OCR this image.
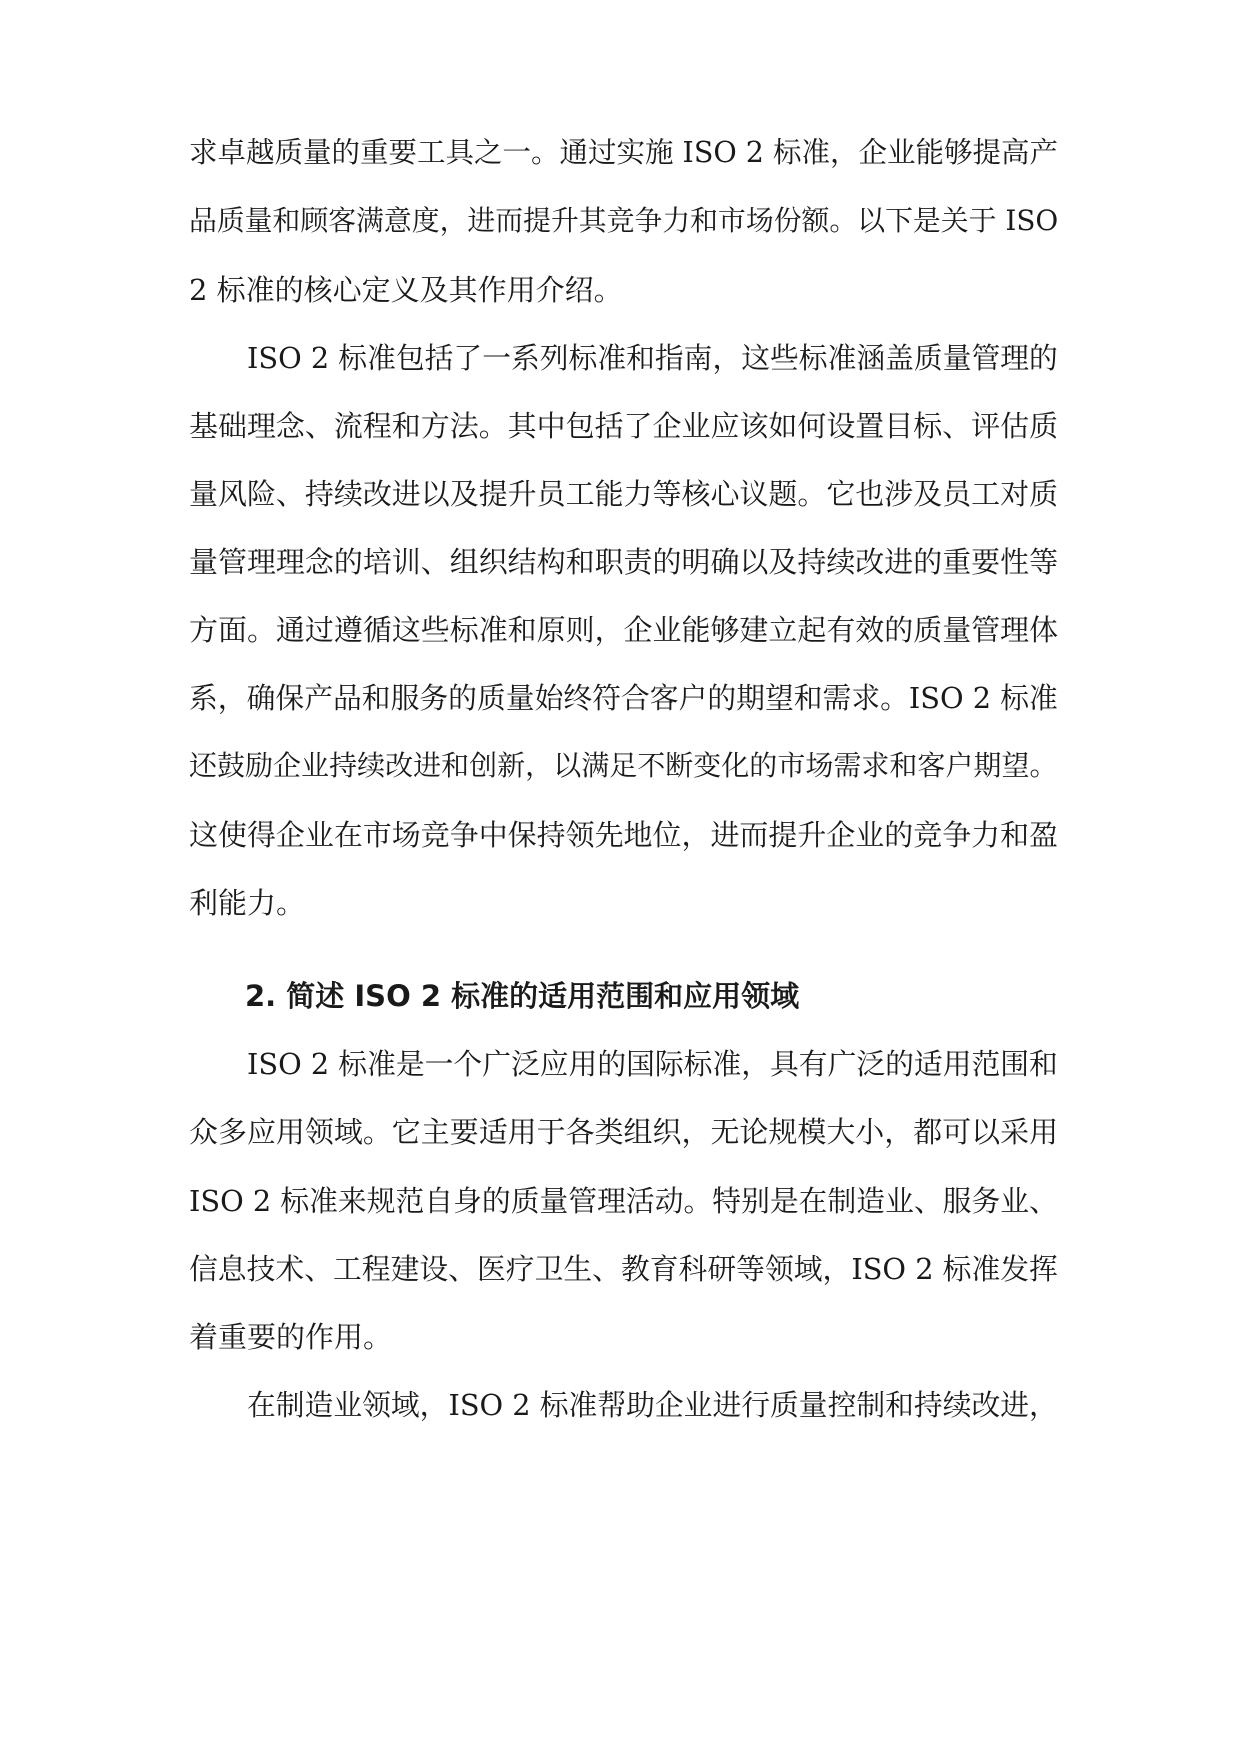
求卓越质量的重要工具之一。通过实施 ISO 2 标准，企业能够提高产
品质量和顾客满意度，进而提升其竞争力和市场份额。以下是关于 ISO
2 标准的核心定义及其作用介绍。
ISO 2 标准包括了一系列标准和指南，这些标准涵盖质量管理的
基础理念、流程和方法。其中包括了企业应该如何设置目标、评估质
量风险、持续改进以及提升员工能力等核心议题。它也涉及员工对质
量管理理念的培训、组织结构和职责的明确以及持续改进的重要性等
方面。通过遵循这些标准和原则，企业能够建立起有效的质量管理体
系，确保产品和服务的质量始终符合客户的期望和需求。ISO 2 标准
还鼓励企业持续改进和创新，以满足不断变化的市场需求和客户期望。
这使得企业在市场竞争中保持领先地位，进而提升企业的竞争力和盈
利能力。
2. 简述 ISO 2 标准的适用范围和应用领域
ISO 2 标准是一个广泛应用的国际标准，具有广泛的适用范围和
众多应用领域。它主要适用于各类组织，无论规模大小，都可以采用
ISO 2 标准来规范自身的质量管理活动。特别是在制造业、服务业、
信息技术、工程建设、医疗卫生、教育科研等领域，ISO 2 标准发挥
着重要的作用。
在制造业领域，ISO 2 标准帮助企业进行质量控制和持续改进，
